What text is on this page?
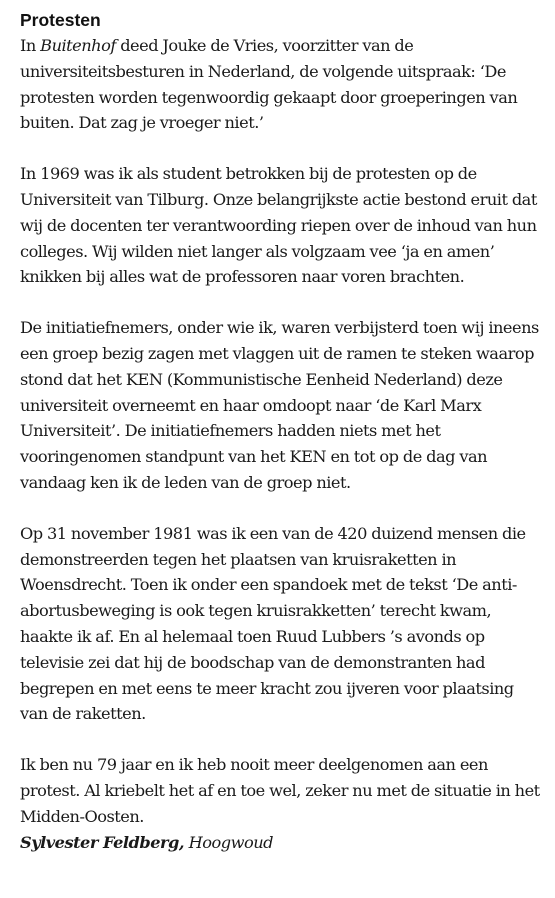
Protesten

In Buitenhof deed Jouke de Vries, voorzitter van de universiteitsbesturen in Nederland, de volgende uitspraak: ‘De protesten worden tegenwoordig gekaapt door groeperingen van buiten. Dat zag je vroeger niet.’

In 1969 was ik als student betrokken bij de protesten op de Universiteit van Tilburg. Onze belangrijkste actie bestond eruit dat wij de docenten ter verantwoording riepen over de inhoud van hun colleges. Wij wilden niet langer als volgzaam vee ‘ja en amen’ knikken bij alles wat de professoren naar voren brachten.

De initiatiefnemers, onder wie ik, waren verbijsterd toen wij ineens een groep bezig zagen met vlaggen uit de ramen te steken waarop stond dat het KEN (Kommunistische Eenheid Nederland) deze universiteit overneemt en haar omdoopt naar ‘de Karl Marx Universiteit’. De initiatiefnemers hadden niets met het vooringenomen standpunt van het KEN en tot op de dag van vandaag ken ik de leden van de groep niet.

Op 31 november 1981 was ik een van de 420 duizend mensen die demonstreerden tegen het plaatsen van kruisraketten in Woensdrecht. Toen ik onder een spandoek met de tekst ‘De anti-abortusbeweging is ook tegen kruisrakketten’ terecht kwam, haakte ik af. En al helemaal toen Ruud Lubbers ’s avonds op televisie zei dat hij de boodschap van de demonstranten had begrepen en met eens te meer kracht zou ijveren voor plaatsing van de raketten.

Ik ben nu 79 jaar en ik heb nooit meer deelgenomen aan een protest. Al kriebelt het af en toe wel, zeker nu met de situatie in het Midden-Oosten.

Sylvester Feldberg, Hoogwoud
